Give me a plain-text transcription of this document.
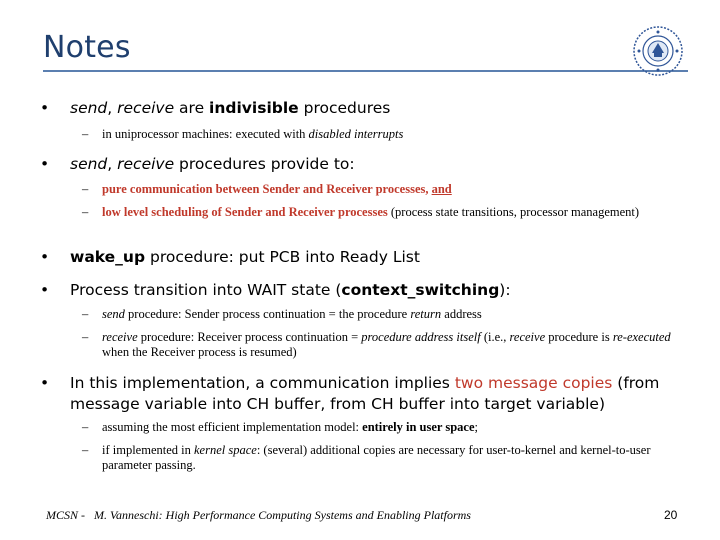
Notes
• send, receive are indivisible procedures
– in uniprocessor machines: executed with disabled interrupts
• send, receive procedures provide to:
– pure communication between Sender and Receiver processes, and
– low level scheduling of Sender and Receiver processes (process state transitions, processor management)
• wake_up procedure: put PCB into Ready List
• Process transition into WAIT state (context_switching):
– send procedure: Sender process continuation = the procedure return address
– receive procedure: Receiver process continuation = procedure address itself (i.e., receive procedure is re-executed when the Receiver process is resumed)
• In this implementation, a communication implies two message copies (from message variable into CH buffer, from CH buffer into target variable)
– assuming the most efficient implementation model: entirely in user space;
– if implemented in kernel space: (several) additional copies are necessary for user-to-kernel and kernel-to-user parameter passing.
MCSN - M. Vanneschi: High Performance Computing Systems and Enabling Platforms	20
